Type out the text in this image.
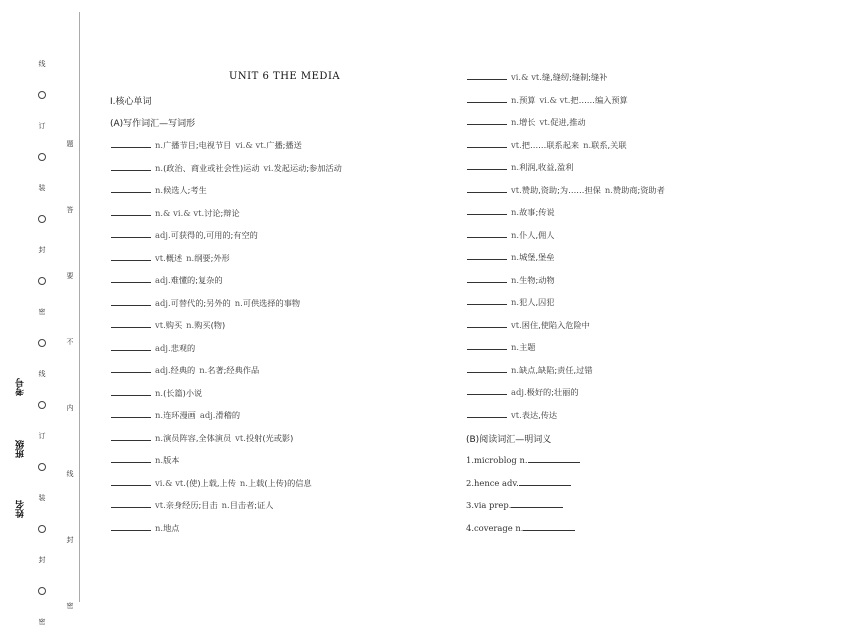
线
订
装
封
密
线
订
装
封
密
题
答
要
不
内
线
封
密
考号
班级
姓名
UNIT 6 THE MEDIA
Ⅰ.核心单词
(A)写作词汇—写词形
n.广播节目;电视节目 vi.& vt.广播;播送
n.(政治、商业或社会性)运动 vi.发起运动;参加活动
n.候选人;考生
n.& vi.& vt.讨论;辩论
adj.可获得的,可用的;有空的
vt.概述 n.纲要;外形
adj.难懂的;复杂的
adj.可替代的;另外的 n.可供选择的事物
vt.购买 n.购买(物)
adj.悲观的
adj.经典的 n.名著;经典作品
n.(长篇)小说
n.连环漫画 adj.滑稽的
n.演员阵容,全体演员 vt.投射(光或影)
n.版本
vi.& vt.(使)上载,上传 n.上载(上传)的信息
vt.亲身经历;目击 n.目击者;证人
n.地点
vi.& vt.缝,缝纫;缝制;缝补
n.预算 vi.& vt.把……编入预算
n.增长 vt.促进,推动
vt.把……联系起来 n.联系,关联
n.利润,收益,盈利
vt.赞助,资助;为……担保 n.赞助商;资助者
n.故事;传说
n.仆人,佣人
n.城堡,堡垒
n.生物;动物
n.犯人,囚犯
vt.困住,使陷入危险中
n.主题
n.缺点,缺陷;责任,过错
adj.极好的;壮丽的
vt.表达,传达
(B)阅读词汇—明词义
1.microblog n.
2.hence adv.
3.via prep.
4.coverage n.
